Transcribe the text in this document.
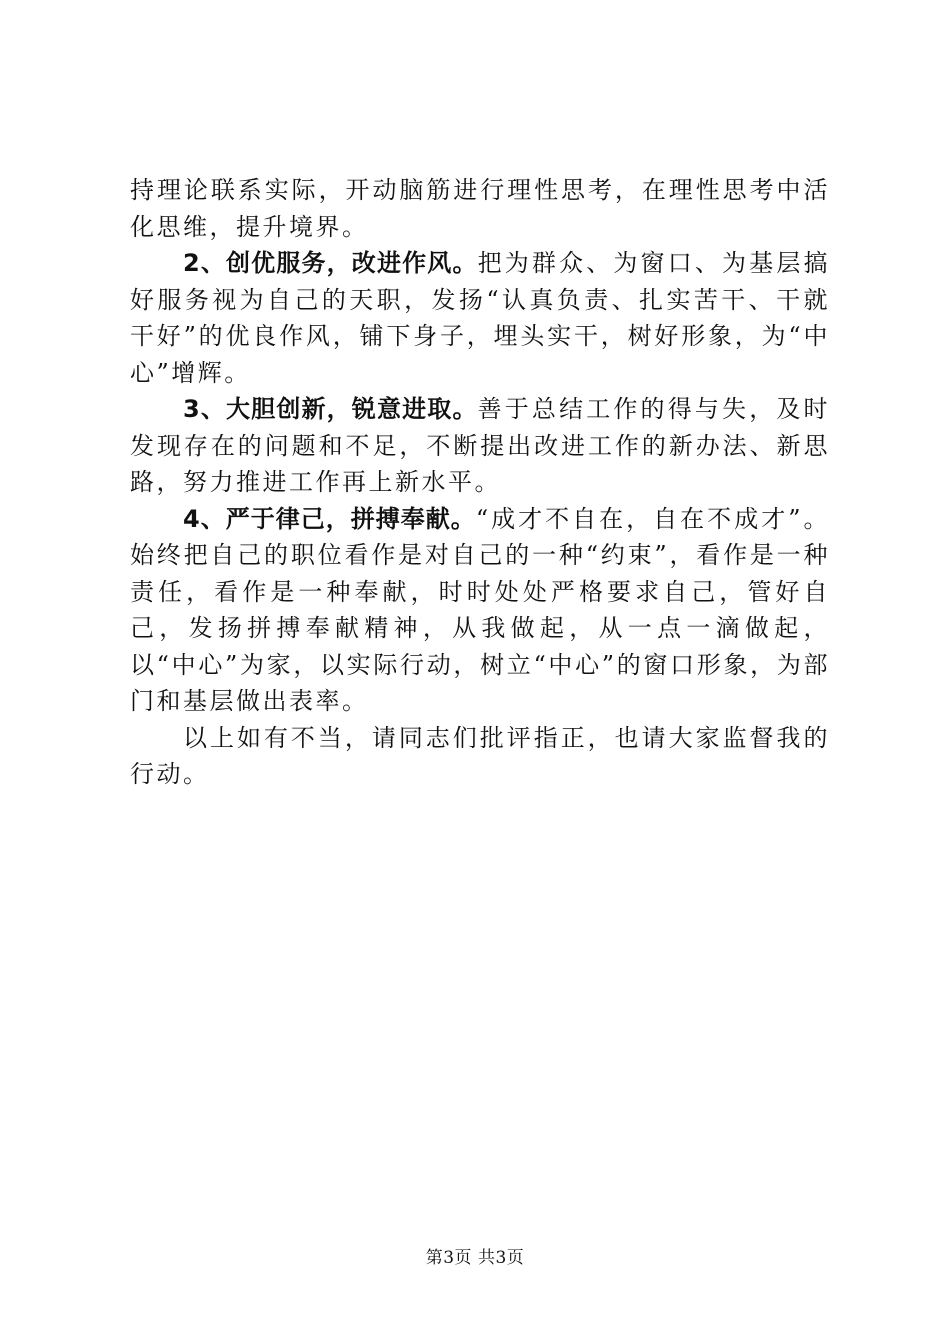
持理论联系实际，开动脑筋进行理性思考，在理性思考中活化思维，提升境界。

2、创优服务，改进作风。把为群众、为窗口、为基层搞好服务视为自己的天职，发扬“认真负责、扎实苦干、干就干好”的优良作风，铺下身子，埋头实干，树好形象，为“中心”增辉。

3、大胆创新，锐意进取。善于总结工作的得与失，及时发现存在的问题和不足，不断提出改进工作的新办法、新思路，努力推进工作再上新水平。

4、严于律己，拼搏奉献。“成才不自在，自在不成才”。始终把自己的职位看作是对自己的一种“约束”，看作是一种责任，看作是一种奉献，时时处处严格要求自己，管好自己，发扬拼搏奉献精神，从我做起，从一点一滴做起，以“中心”为家，以实际行动，树立“中心”的窗口形象，为部门和基层做出表率。

以上如有不当，请同志们批评指正，也请大家监督我的行动。

第3页 共3页
